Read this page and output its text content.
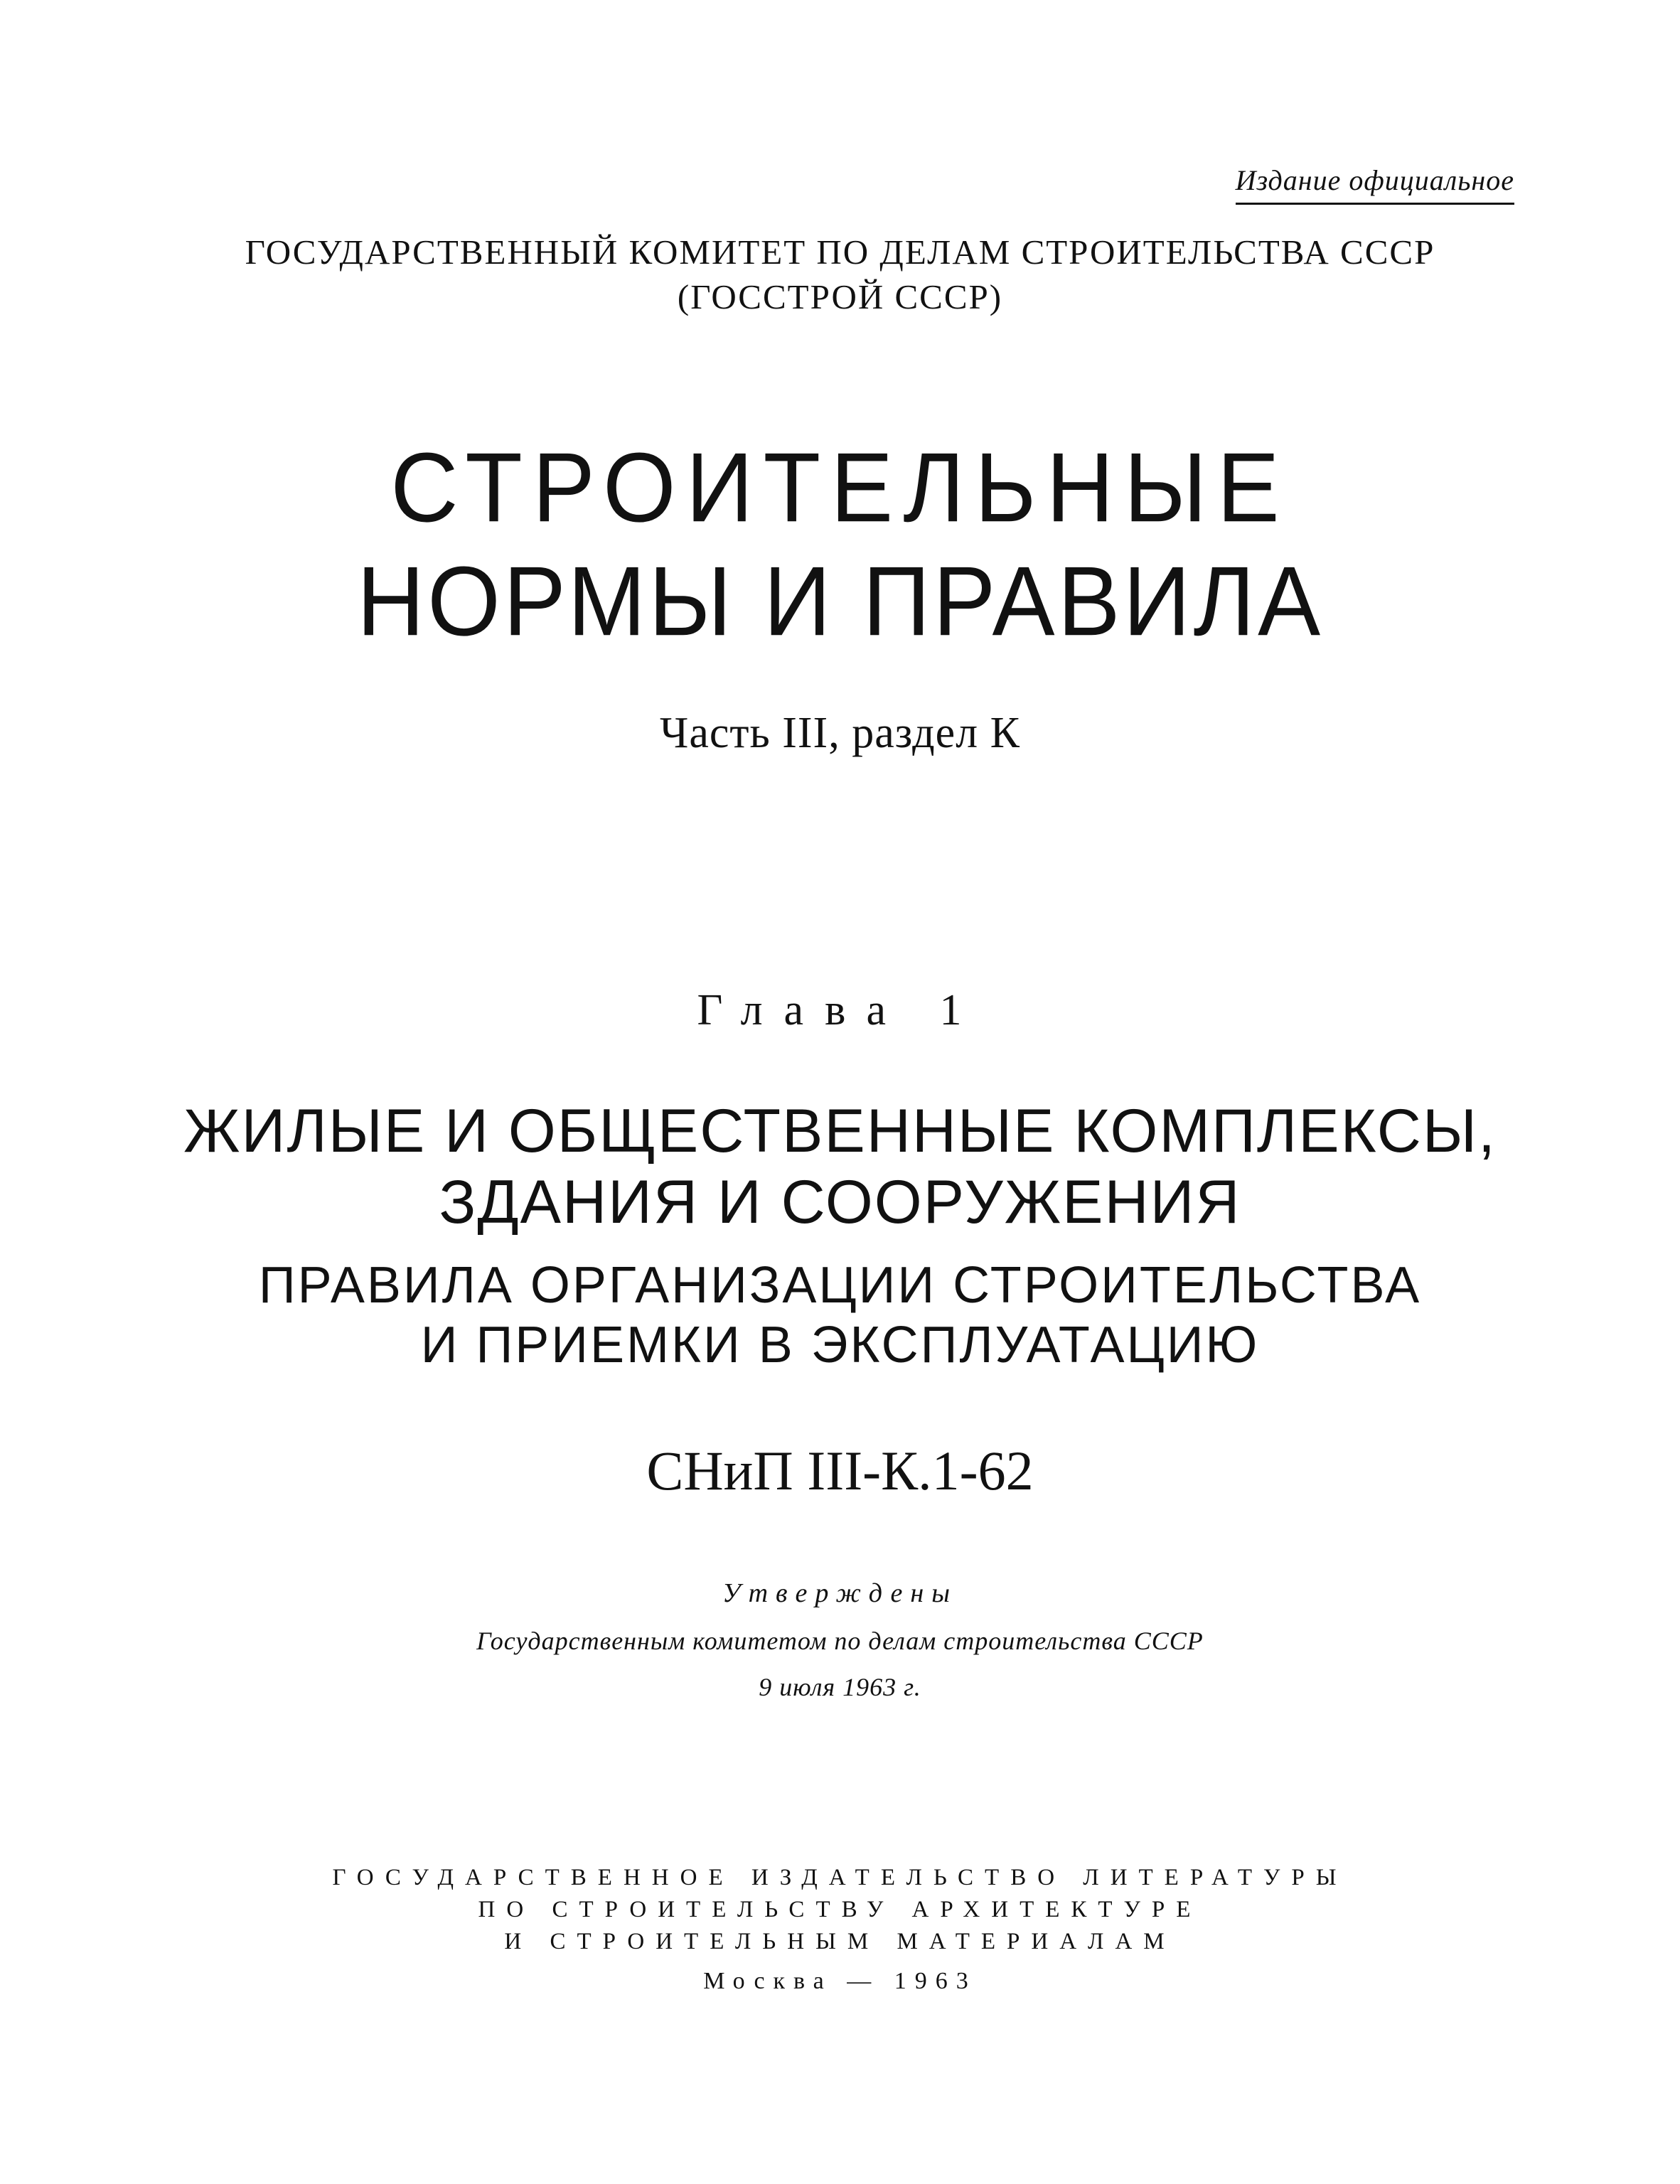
Издание официальное

ГОСУДАРСТВЕННЫЙ КОМИТЕТ ПО ДЕЛАМ СТРОИТЕЛЬСТВА СССР

(ГОССТРОЙ СССР)

СТРОИТЕЛЬНЫЕ

НОРМЫ И ПРАВИЛА

Часть III, раздел К

Глава 1

ЖИЛЫЕ И ОБЩЕСТВЕННЫЕ КОМПЛЕКСЫ,

ЗДАНИЯ И СООРУЖЕНИЯ

ПРАВИЛА ОРГАНИЗАЦИИ СТРОИТЕЛЬСТВА

И ПРИЕМКИ В ЭКСПЛУАТАЦИЮ

СНиП III-К.1-62

Утверждены

Государственным комитетом по делам строительства СССР

9 июля 1963 г.

ГОСУДАРСТВЕННОЕ ИЗДАТЕЛЬСТВО ЛИТЕРАТУРЫ

ПО СТРОИТЕЛЬСТВУ АРХИТЕКТУРЕ

И СТРОИТЕЛЬНЫМ МАТЕРИАЛАМ

Москва — 1963
